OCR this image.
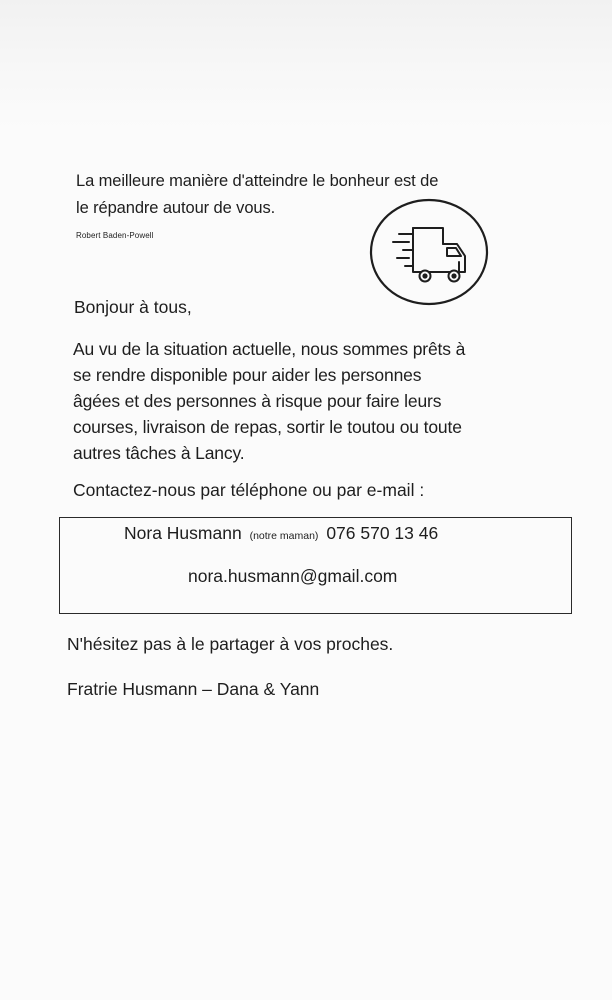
La meilleure manière d'atteindre le bonheur est de
le répandre autour de vous.
Robert Baden-Powell
Bonjour à tous,
Au vu de la situation actuelle, nous sommes prêts à
se rendre disponible pour aider les personnes
âgées et des personnes à risque pour faire leurs
courses, livraison de repas, sortir le toutou ou toute
autres tâches à Lancy.
Contactez-nous par téléphone ou par e-mail :
Nora Husmann (notre maman) 076 570 13 46
nora.husmann@gmail.com
N'hésitez pas à le partager à vos proches.
Fratrie Husmann – Dana & Yann
